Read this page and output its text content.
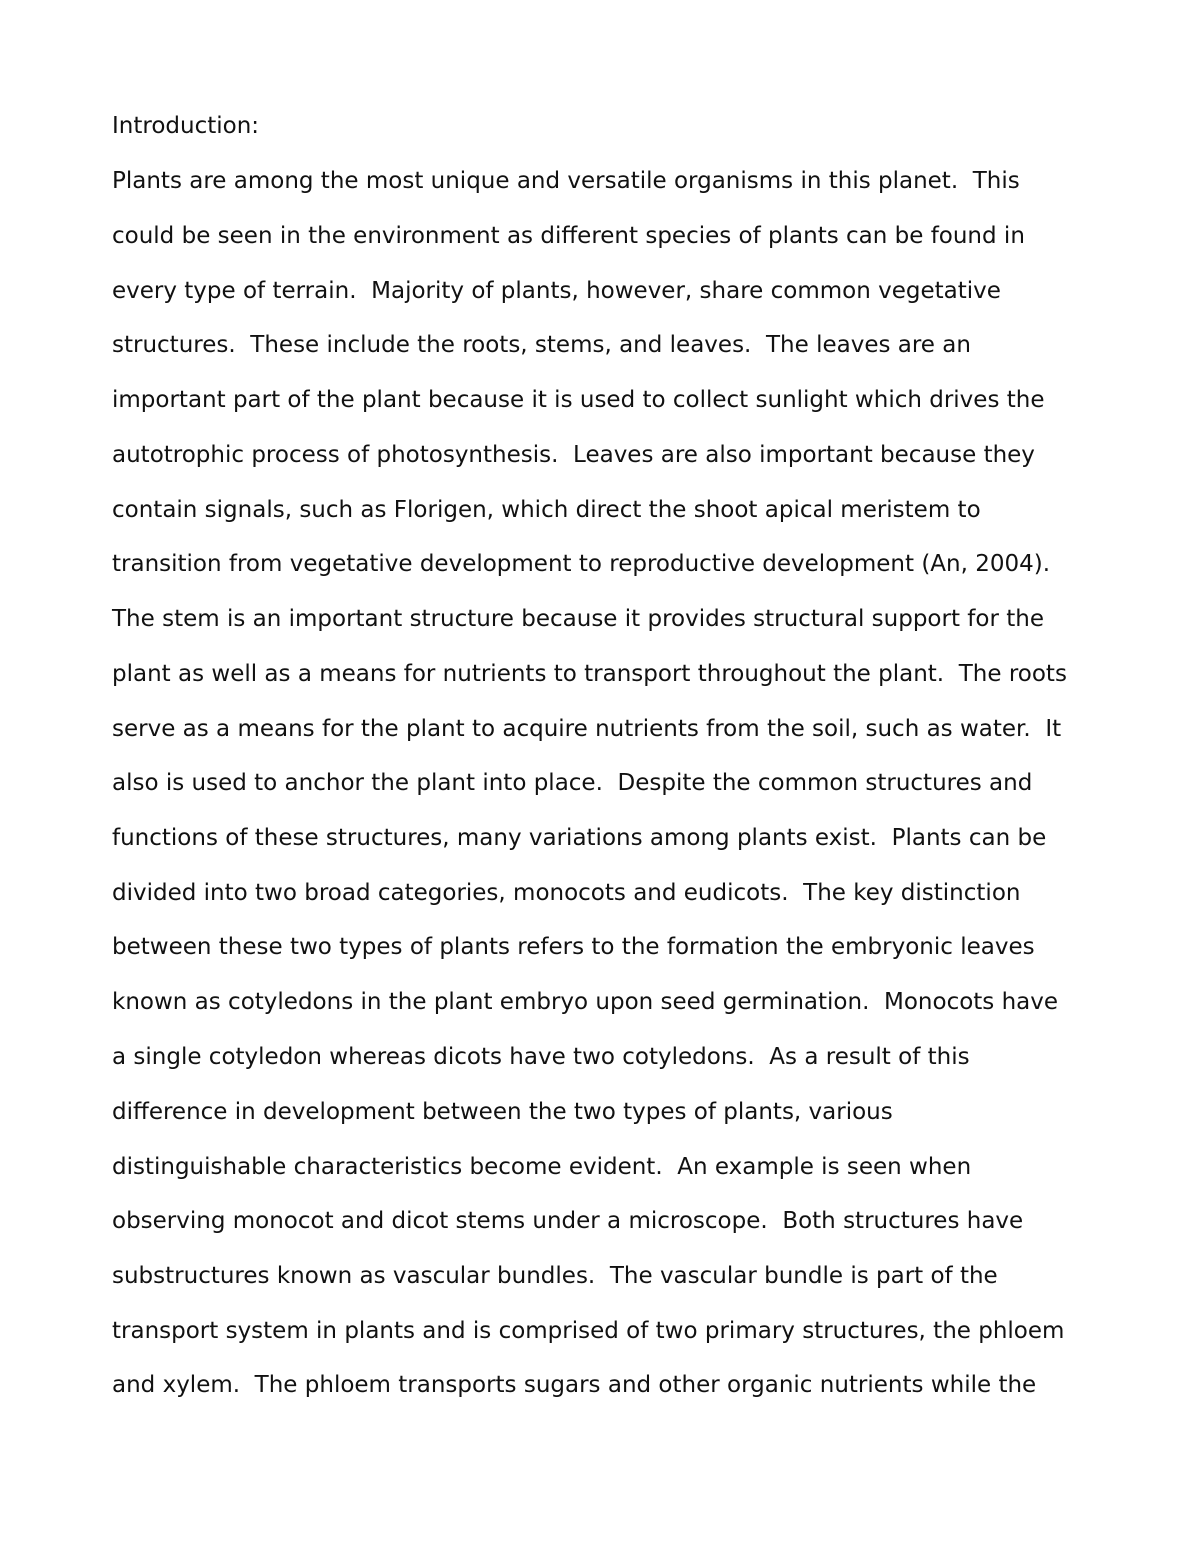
Introduction:
Plants are among the most unique and versatile organisms in this planet.  This
could be seen in the environment as different species of plants can be found in
every type of terrain.  Majority of plants, however, share common vegetative
structures.  These include the roots, stems, and leaves.  The leaves are an
important part of the plant because it is used to collect sunlight which drives the
autotrophic process of photosynthesis.  Leaves are also important because they
contain signals, such as Florigen, which direct the shoot apical meristem to
transition from vegetative development to reproductive development (An, 2004).
The stem is an important structure because it provides structural support for the
plant as well as a means for nutrients to transport throughout the plant.  The roots
serve as a means for the plant to acquire nutrients from the soil, such as water.  It
also is used to anchor the plant into place.  Despite the common structures and
functions of these structures, many variations among plants exist.  Plants can be
divided into two broad categories, monocots and eudicots.  The key distinction
between these two types of plants refers to the formation the embryonic leaves
known as cotyledons in the plant embryo upon seed germination.  Monocots have
a single cotyledon whereas dicots have two cotyledons.  As a result of this
difference in development between the two types of plants, various
distinguishable characteristics become evident.  An example is seen when
observing monocot and dicot stems under a microscope.  Both structures have
substructures known as vascular bundles.  The vascular bundle is part of the
transport system in plants and is comprised of two primary structures, the phloem
and xylem.  The phloem transports sugars and other organic nutrients while the
